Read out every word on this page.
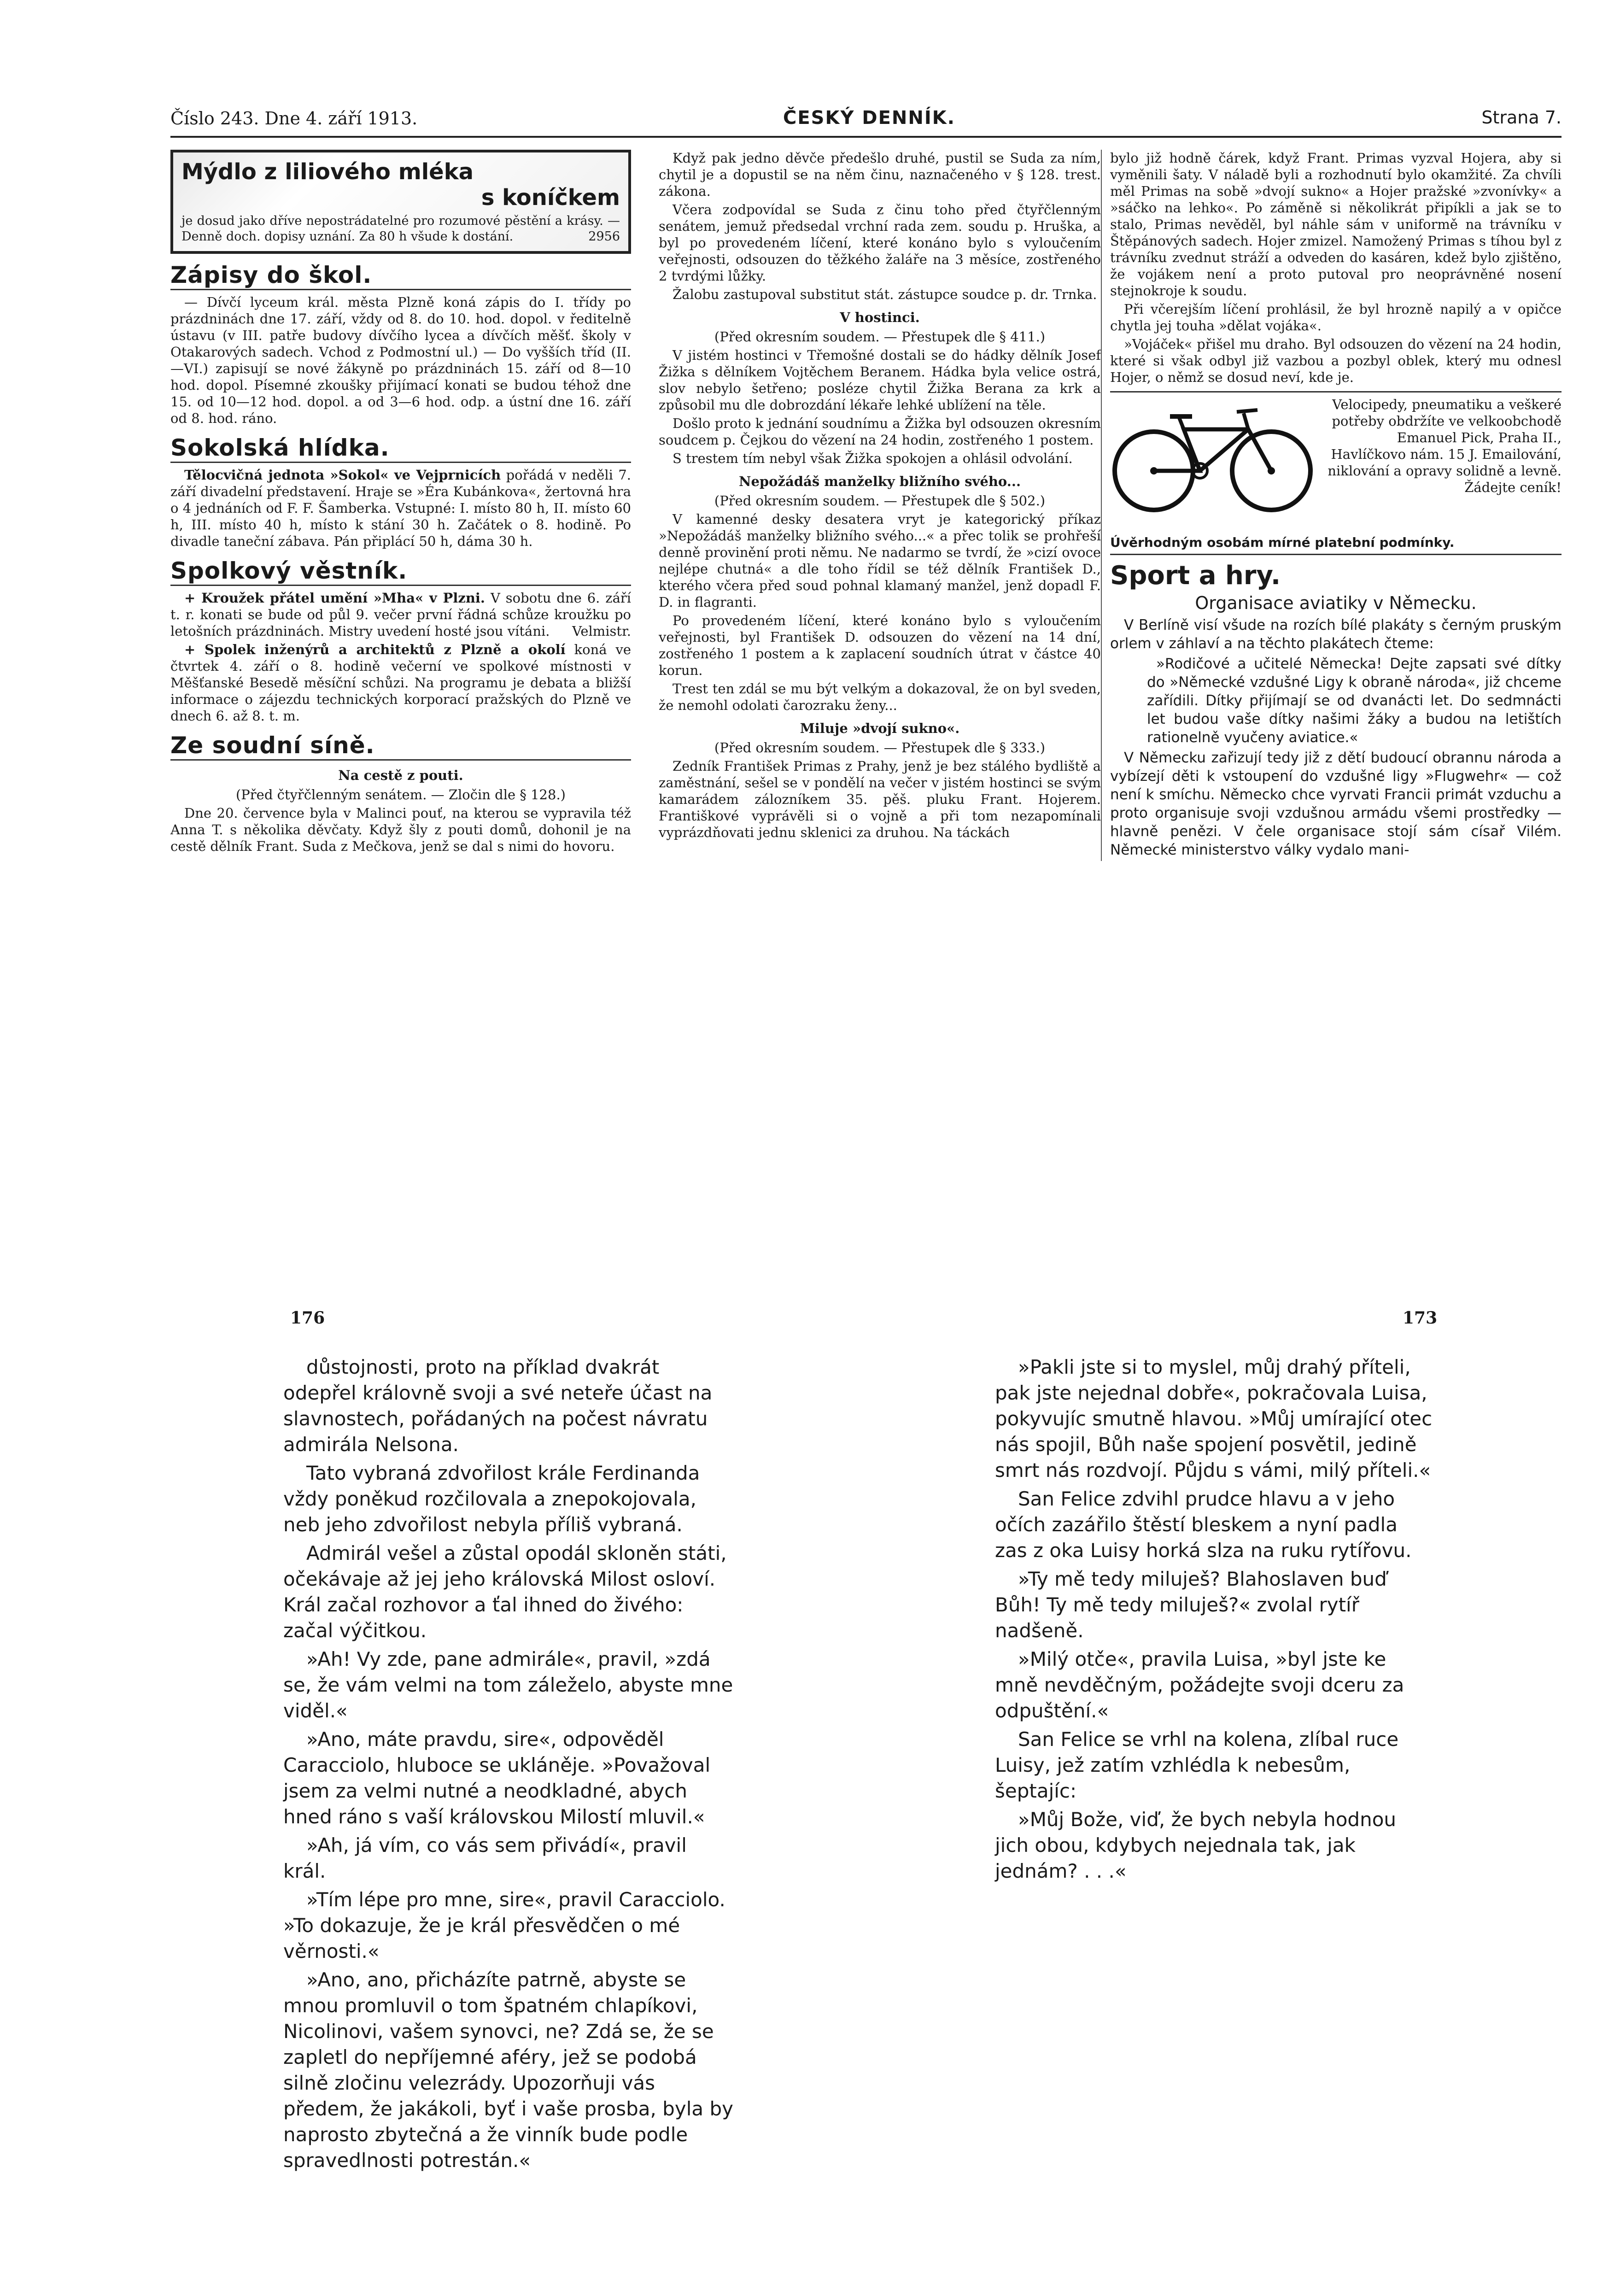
Číslo 243. Dne 4. září 1913.	ČESKÝ DENNÍK.	Strana 7.
Mýdlo z liliového mléka
s koníčkem

je dosud jako dříve nepostrádatelné pro rozumové pěstění a krásy. — Denně doch. dopisy uznání. Za 80 h všude k dostání.	2956

Zápisy do škol.

— Dívčí lyceum král. města Plzně koná zápis do I. třídy po prázdninách dne 17. září, vždy od 8. do 10. hod. dopol. v ředitelně ústavu (v III. patře budovy dívčího lycea a dívčích měšť. školy v Otakarových sadech. Vchod z Podmostní ul.) — Do vyšších tříd (II.—VI.) zapisují se nové žákyně po prázdninách 15. září od 8—10 hod. dopol. Písemné zkoušky přijímací konati se budou téhož dne 15. od 10—12 hod. dopol. a od 3—6 hod. odp. a ústní dne 16. září od 8. hod. ráno.

Sokolská hlídka.

Tělocvičná jednota »Sokol« ve Vejprnicích pořádá v neděli 7. září divadelní představení. Hraje se »Éra Kubánkova«, žertovná hra o 4 jednáních od F. F. Šamberka. Vstupné: I. místo 80 h, II. místo 60 h, III. místo 40 h, místo k stání 30 h. Začátek o 8. hodině. Po divadle taneční zábava. Pán připlácí 50 h, dáma 30 h.

Spolkový věstník.

+ Kroužek přátel umění »Mha« v Plzni. V sobotu dne 6. září t. r. konati se bude od půl 9. večer první řádná schůze kroužku po letošních prázdninách. Mistry uvedení hosté jsou vítáni.	Velmistr.

+ Spolek inženýrů a architektů z Plzně a okolí koná ve čtvrtek 4. září o 8. hodině večerní ve spolkové místnosti v Měšťanské Besedě měsíční schůzi. Na programu je debata a bližší informace o zájezdu technických korporací pražských do Plzně ve dnech 6. až 8. t. m.

Ze soudní síně.
Na cestě z pouti.

(Před čtyřčlenným senátem. — Zločin dle § 128.)

Dne 20. července byla v Malinci pouť, na kterou se vypravila též Anna T. s několika děvčaty. Když šly z pouti domů, dohonil je na cestě dělník Frant. Suda z Mečkova, jenž se dal s nimi do hovoru.

Když pak jedno děvče předešlo druhé, pustil se Suda za ním, chytil je a dopustil se na něm činu, naznačeného v § 128. trest. zákona.

Včera zodpovídal se Suda z činu toho před čtyřčlenným senátem, jemuž předsedal vrchní rada zem. soudu p. Hruška, a byl po provedeném líčení, které konáno bylo s vyloučením veřejnosti, odsouzen do těžkého žaláře na 3 měsíce, zostřeného 2 tvrdými lůžky.

Žalobu zastupoval substitut stát. zástupce soudce p. dr. Trnka.

V hostinci.

(Před okresním soudem. — Přestupek dle § 411.)

V jistém hostinci v Třemošné dostali se do hádky dělník Josef Žižka s dělníkem Vojtěchem Beranem. Hádka byla velice ostrá, slov nebylo šetřeno; posléze chytil Žižka Berana za krk a způsobil mu dle dobrozdání lékaře lehké ublížení na těle.

Došlo proto k jednání soudnímu a Žižka byl odsouzen okresním soudcem p. Čejkou do vězení na 24 hodin, zostřeného 1 postem.

S trestem tím nebyl však Žižka spokojen a ohlásil odvolání.

Nepožádáš manželky bližního svého...

(Před okresním soudem. — Přestupek dle § 502.)

V kamenné desky desatera vryt je kategorický příkaz »Nepožádáš manželky bližního svého...« a přec tolik se prohřeší denně provinění proti němu. Ne nadarmo se tvrdí, že »cizí ovoce nejlépe chutná« a dle toho řídil se též dělník František D., kterého včera před soud pohnal klamaný manžel, jenž dopadl F. D. in flagranti.

Po provedeném líčení, které konáno bylo s vyloučením veřejnosti, byl František D. odsouzen do vězení na 14 dní, zostřeného 1 postem a k zaplacení soudních útrat v částce 40 korun.

Trest ten zdál se mu být velkým a dokazoval, že on byl sveden, že nemohl odolati čarozraku ženy...

Miluje »dvojí sukno«.

(Před okresním soudem. — Přestupek dle § 333.)

Zedník František Primas z Prahy, jenž je bez stálého bydliště a zaměstnání, sešel se v pondělí na večer v jistém hostinci se svým kamarádem zálozníkem 35. pěš. pluku Frant. Hojerem. Františkové vyprávěli si o vojně a při tom nezapomínali vyprázdňovati jednu sklenici za druhou. Na táckách

bylo již hodně čárek, když Frant. Primas vyzval Hojera, aby si vyměnili šaty. V náladě byli a rozhodnutí bylo okamžité. Za chvíli měl Primas na sobě »dvojí sukno« a Hojer pražské »zvonívky« a »sáčko na lehko«. Po záměně si několikrát připíkli a jak se to stalo, Primas nevěděl, byl náhle sám v uniformě na trávníku v Štěpánových sadech. Hojer zmizel. Namožený Primas s tíhou byl z trávníku zvednut stráží a odveden do kasáren, kdež bylo zjištěno, že vojákem není a proto putoval pro neoprávněné nosení stejnokroje k soudu.

Při včerejším líčení prohlásil, že byl hrozně napilý a v opičce chytla jej touha »dělat vojáka«.

»Vojáček« přišel mu draho. Byl odsouzen do vězení na 24 hodin, které si však odbyl již vazbou a pozbyl oblek, který mu odnesl Hojer, o němž se dosud neví, kde je.

Velocipedy, pneumatiku a veškeré potřeby obdržíte ve velkoobchodě Emanuel Pick, Praha II., Havlíčkovo nám. 15 J. Emailování, niklování a opravy solidně a levně. Žádejte ceník!
Úvěrhodným osobám mírné platební podmínky.
Sport a hry.
Organisace aviatiky v Německu.

V Berlíně visí všude na rozích bílé plakáty s černým pruským orlem v záhlaví a na těchto plakátech čteme:

»Rodičové a učitelé Německa! Dejte zapsati své dítky do »Německé vzdušné Ligy k obraně národa«, již chceme zařídili. Dítky přijímají se od dvanácti let. Do sedmnácti let budou vaše dítky našimi žáky a budou na letištích rationelně vyučeny aviatice.«

V Německu zařizují tedy již z dětí budoucí obrannu národa a vybízejí děti k vstoupení do vzdušné ligy »Flugwehr« — což není k smíchu. Německo chce vyrvati Francii primát vzduchu a proto organisuje svoji vzdušnou armádu všemi prostředky — hlavně penězi. V čele organisace stojí sám císař Vilém. Německé ministerstvo války vydalo mani-

176

důstojnosti, proto na příklad dvakrát odepřel královně svoji a své neteře účast na slavnostech, pořádaných na počest návratu admirála Nelsona.

Tato vybraná zdvořilost krále Ferdinanda vždy poněkud rozčilovala a znepokojovala, neb jeho zdvořilost nebyla příliš vybraná.

Admirál vešel a zůstal opodál skloněn státi, očekávaje až jej jeho královská Milost osloví. Král začal rozhovor a ťal ihned do živého: začal výčitkou.

»Ah! Vy zde, pane admirále«, pravil, »zdá se, že vám velmi na tom záleželo, abyste mne viděl.«

»Ano, máte pravdu, sire«, odpověděl Caracciolo, hluboce se ukláněje. »Považoval jsem za velmi nutné a neodkladné, abych hned ráno s vaší královskou Milostí mluvil.«

»Ah, já vím, co vás sem přivádí«, pravil král.

»Tím lépe pro mne, sire«, pravil Caracciolo. »To dokazuje, že je král přesvědčen o mé věrnosti.«

»Ano, ano, přicházíte patrně, abyste se mnou promluvil o tom špatném chlapíkovi, Nicolinovi, vašem synovci, ne? Zdá se, že se zapletl do nepříjemné aféry, jež se podobá silně zločinu velezrády. Upozorňuji vás předem, že jakákoli, byť i vaše prosba, byla by naprosto zbytečná a že vinník bude podle spravedlnosti potrestán.«

173

»Pakli jste si to myslel, můj drahý příteli, pak jste nejednal dobře«, pokračovala Luisa, pokyvujíc smutně hlavou. »Můj umírající otec nás spojil, Bůh naše spojení posvětil, jedině smrt nás rozdvojí. Půjdu s vámi, milý příteli.«

San Felice zdvihl prudce hlavu a v jeho očích zazářilo štěstí bleskem a nyní padla zas z oka Luisy horká slza na ruku rytířovu.

»Ty mě tedy miluješ? Blahoslaven buď Bůh! Ty mě tedy miluješ?« zvolal rytíř nadšeně.

»Milý otče«, pravila Luisa, »byl jste ke mně nevděčným, požádejte svoji dceru za odpuštění.«

San Felice se vrhl na kolena, zlíbal ruce Luisy, jež zatím vzhlédla k nebesům, šeptajíc:

»Můj Bože, viď, že bych nebyla hodnou jich obou, kdybych nejednala tak, jak jednám? . . .«
